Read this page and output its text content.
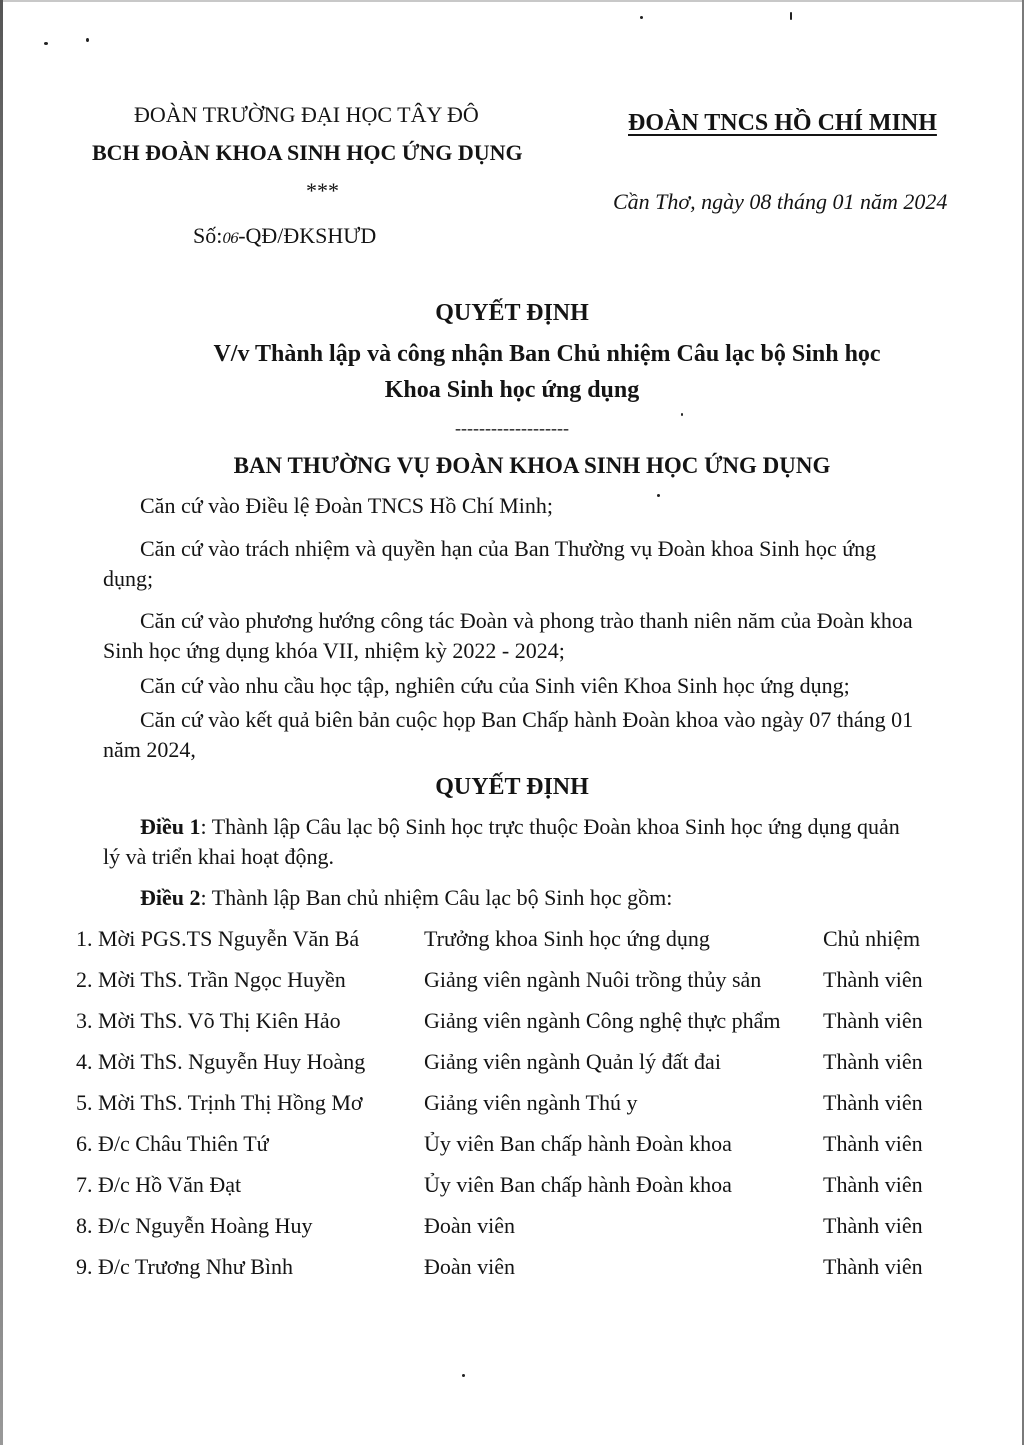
ĐOÀN TRƯỜNG ĐẠI HỌC TÂY ĐÔ
BCH ĐOÀN KHOA SINH HỌC ỨNG DỤNG
***
Số:06-QĐ/ĐKSHƯD
ĐOÀN TNCS HỒ CHÍ MINH
Cần Thơ, ngày 08 tháng 01 năm 2024
QUYẾT ĐỊNH
V/v Thành lập và công nhận Ban Chủ nhiệm Câu lạc bộ Sinh học
Khoa Sinh học ứng dụng
-------------------
BAN THƯỜNG VỤ ĐOÀN KHOA SINH HỌC ỨNG DỤNG
Căn cứ vào Điều lệ Đoàn TNCS Hồ Chí Minh;
Căn cứ vào trách nhiệm và quyền hạn của Ban Thường vụ Đoàn khoa Sinh học ứng dụng;
Căn cứ vào phương hướng công tác Đoàn và phong trào thanh niên năm của Đoàn khoa Sinh học ứng dụng khóa VII, nhiệm kỳ 2022 - 2024;
Căn cứ vào nhu cầu học tập, nghiên cứu của Sinh viên Khoa Sinh học ứng dụng;
Căn cứ vào kết quả biên bản cuộc họp Ban Chấp hành Đoàn khoa vào ngày 07 tháng 01 năm 2024,
QUYẾT ĐỊNH
Điều 1: Thành lập Câu lạc bộ Sinh học trực thuộc Đoàn khoa Sinh học ứng dụng quản lý và triển khai hoạt động.
Điều 2: Thành lập Ban chủ nhiệm Câu lạc bộ Sinh học gồm:
1. Mời PGS.TS Nguyễn Văn Bá	Trưởng khoa Sinh học ứng dụng	Chủ nhiệm
2. Mời ThS. Trần Ngọc Huyền	Giảng viên ngành Nuôi trồng thủy sản	Thành viên
3. Mời ThS. Võ Thị Kiên Hảo	Giảng viên ngành Công nghệ thực phẩm Thành viên
4. Mời ThS. Nguyễn Huy Hoàng	Giảng viên ngành Quản lý đất đai	Thành viên
5. Mời ThS. Trịnh Thị Hồng Mơ	Giảng viên ngành Thú y	Thành viên
6. Đ/c Châu Thiên Tứ	Ủy viên Ban chấp hành Đoàn khoa	Thành viên
7. Đ/c Hồ Văn Đạt	Ủy viên Ban chấp hành Đoàn khoa	Thành viên
8. Đ/c Nguyễn Hoàng Huy	Đoàn viên	Thành viên
9. Đ/c Trương Như Bình	Đoàn viên	Thành viên
